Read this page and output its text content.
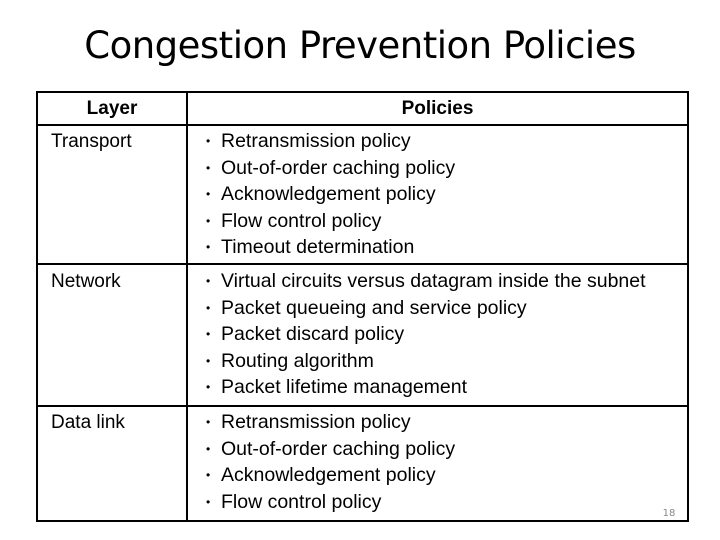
Congestion Prevention Policies
Layer	Policies
Transport	• Retransmission policy
• Out-of-order caching policy
• Acknowledgement policy
• Flow control policy
• Timeout determination
Network	• Virtual circuits versus datagram inside the subnet
• Packet queueing and service policy
• Packet discard policy
• Routing algorithm
• Packet lifetime management
Data link	• Retransmission policy
• Out-of-order caching policy
• Acknowledgement policy
• Flow control policy
18
